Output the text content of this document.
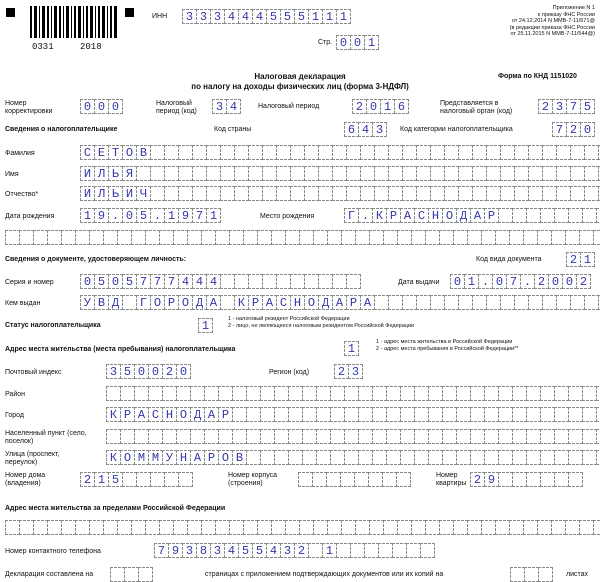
0331	2018
ИНН	3 3 3 4 4 4 5 5 5 1 1 1
Стр. 0 0 1
Приложение N 1
к приказу ФНС России
от 24.12.2014 N ММВ-7-11/671@
(в редакции приказа ФНС России
от 25.11.2015 N ММВ-7-11/544@)
Налоговая декларация
по налогу на доходы физических лиц (форма 3-НДФЛ)
Форма по КНД 1151020
Номер
корректировки	0 0 0	Налоговый
период (код)	3 4	Налоговый период	2 0 1 6	Представляется в
налоговый орган (код)	2 3 7 5
Сведения о налогоплательщике	Код страны	6 4 3	Код категории налогоплательщика	7 2 0
Фамилия	С Е Т О В
Имя	И Л Ь Я
Отчество*	И Л Ь И Ч
Дата рождения	1 9 . 0 5 . 1 9 7 1	Место рождения	Г . К Р А С Н О Д А Р
Сведения о документе, удостоверяющем личность:	Код вида документа	2 1
Серия и номер	0 5 0 5 7 7 7 4 4 4	Дата выдачи	0 1 . 0 7 . 2 0 0 2
Кем выдан	У В Д	Г О Р О Д А	К Р А С Н О Д А Р А
Статус налогоплательщика	1	1 - налоговый резидент Российской Федерации
2 - лицо, не являющееся налоговым резидентом Российской Федерации
Адрес места жительства (места пребывания) налогоплательщика	1	1 - адрес места жительства в Российской Федерации
2 - адрес места пребывания в Российской Федерации**
Почтовый индекс	3 5 0 0 2 0	Регион (код)	2 3
Район
Город	К Р А С Н О Д А Р
Населенный пункт (село,
поселок)
Улица (проспект,
переулок)	К О М М У Н А Р О В
Номер дома
(владения)	2 1 5	Номер корпуса
(строения)
Номер
квартиры 2 9
Адрес места жительства за пределами Российской Федерации
Номер контактного телефона	7 9 3 8 3 4 5 5 4 3 2	1
Декларация составлена на	страницах с приложением подтверждающих документов или их копий на	листах
